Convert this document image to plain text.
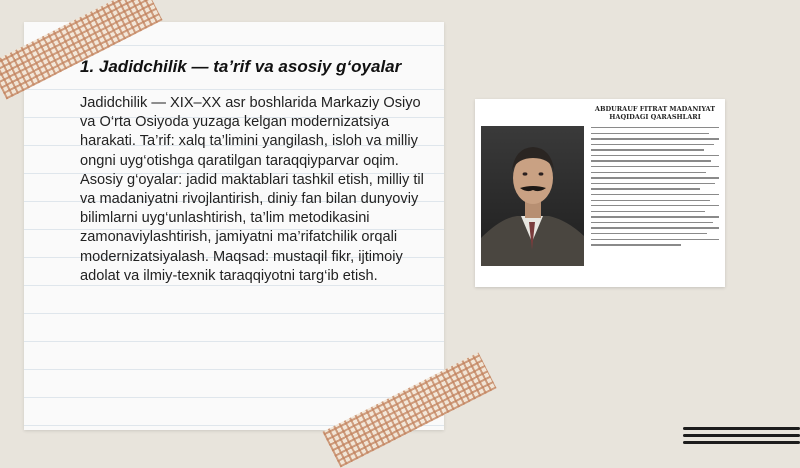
1. Jadidchilik — ta’rif va asosiy g‘oyalar

Jadidchilik — XIX–XX asr boshlarida Markaziy Osiyo va O‘rta Osiyoda yuzaga kelgan modernizatsiya harakati. Ta’rif: xalq ta’limini yangilash, isloh va milliy ongni uyg‘otishga qaratilgan taraqqiyparvar oqim. Asosiy g‘oyalar: jadid maktablari tashkil etish, milliy til va madaniyatni rivojlantirish, diniy fan bilan dunyoviy bilimlarni uyg‘unlashtirish, ta’lim metodikasini zamonaviylashtirish, jamiyatni ma’rifatchilik orqali modernizatsiyalash. Maqsad: mustaqil fikr, ijtimoiy adolat va ilmiy-texnik taraqqiyotni targ‘ib etish.

ABDURAUF FITRAT MADANIYAT HAQIDAGI QARASHLARI
